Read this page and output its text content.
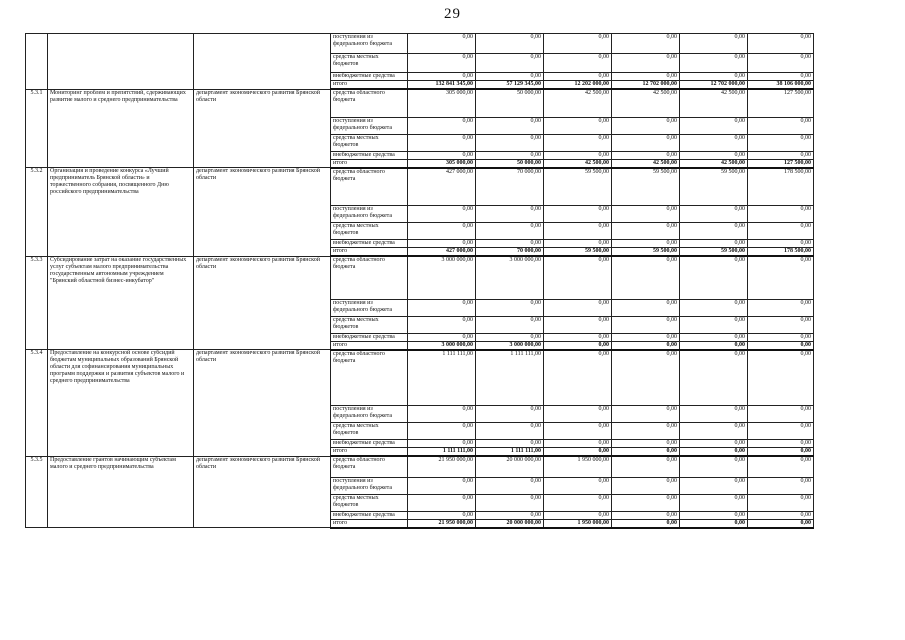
29
			поступления из федерального бюджета	0,00	0,00	0,00	0,00	0,00	0,00
			средства местных бюджетов	0,00	0,00	0,00	0,00	0,00	0,00
			внебюджетные средства	0,00	0,00	0,00	0,00	0,00	0,00
			итого	132 841 345,00	57 129 345,00	12 202 000,00	12 702 000,00	12 702 000,00	38 106 000,00
5.3.1	Мониторинг проблем и препятствий, сдерживающих развитие малого и среднего предпринимательства	департамент экономического развития Брянской области	средства областного бюджета	305 000,00	50 000,00	42 500,00	42 500,00	42 500,00	127 500,00
			поступления из федерального бюджета	0,00	0,00	0,00	0,00	0,00	0,00
			средства местных бюджетов	0,00	0,00	0,00	0,00	0,00	0,00
			внебюджетные средства	0,00	0,00	0,00	0,00	0,00	0,00
			итого	305 000,00	50 000,00	42 500,00	42 500,00	42 500,00	127 500,00
5.3.2	Организация и проведение конкурса «Лучший предприниматель Брянской области» и торжественного собрания, посвященного Дню российского предпринимательства	департамент экономического развития Брянской области	средства областного бюджета	427 000,00	70 000,00	59 500,00	59 500,00	59 500,00	178 500,00
			поступления из федерального бюджета	0,00	0,00	0,00	0,00	0,00	0,00
			средства местных бюджетов	0,00	0,00	0,00	0,00	0,00	0,00
			внебюджетные средства	0,00	0,00	0,00	0,00	0,00	0,00
			итого	427 000,00	70 000,00	59 500,00	59 500,00	59 500,00	178 500,00
5.3.3	Субсидирование затрат на оказание государственных услуг субъектам малого предпринимательства государственным автономным учреждением "Брянский областной бизнес-инкубатор"	департамент экономического развития Брянской области	средства областного бюджета	3 000 000,00	3 000 000,00	0,00	0,00	0,00	0,00
			поступления из федерального бюджета	0,00	0,00	0,00	0,00	0,00	0,00
			средства местных бюджетов	0,00	0,00	0,00	0,00	0,00	0,00
			внебюджетные средства	0,00	0,00	0,00	0,00	0,00	0,00
			итого	3 000 000,00	3 000 000,00	0,00	0,00	0,00	0,00
5.3.4	Предоставление на конкурсной основе субсидий бюджетам муниципальных образований Брянской области для софинансирования муниципальных программ поддержки и развития субъектов малого и среднего предпринимательства	департамент экономического развития Брянской области	средства областного бюджета	1 111 111,00	1 111 111,00	0,00	0,00	0,00	0,00
			поступления из федерального бюджета	0,00	0,00	0,00	0,00	0,00	0,00
			средства местных бюджетов	0,00	0,00	0,00	0,00	0,00	0,00
			внебюджетные средства	0,00	0,00	0,00	0,00	0,00	0,00
			итого	1 111 111,00	1 111 111,00	0,00	0,00	0,00	0,00
5.3.5	Предоставление грантов начинающим субъектам малого и среднего предпринимательства	департамент экономического развития Брянской области	средства областного бюджета	21 950 000,00	20 000 000,00	1 950 000,00	0,00	0,00	0,00
			поступления из федерального бюджета	0,00	0,00	0,00	0,00	0,00	0,00
			средства местных бюджетов	0,00	0,00	0,00	0,00	0,00	0,00
			внебюджетные средства	0,00	0,00	0,00	0,00	0,00	0,00
			итого	21 950 000,00	20 000 000,00	1 950 000,00	0,00	0,00	0,00
